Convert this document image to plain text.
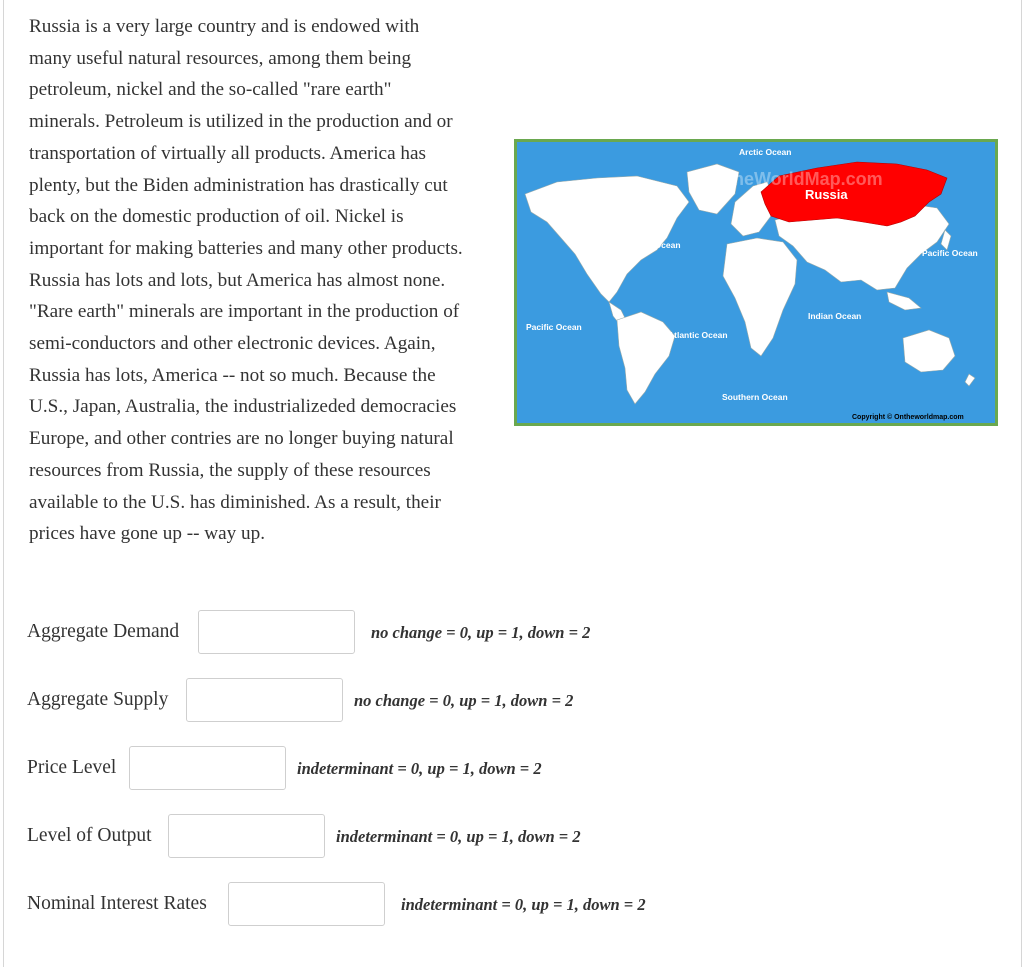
Russia is a very large country and is endowed with
many useful natural resources, among them being
petroleum, nickel and the so-called "rare earth"
minerals. Petroleum is utilized in the production and or
transportation of virtually all products. America has
plenty, but the Biden administration has drastically cut
back on the domestic production of oil. Nickel is
important for making batteries and many other products.
Russia has lots and lots, but America has almost none.
"Rare earth" minerals are important in the production of
semi-conductors and other electronic devices. Again,
Russia has lots, America -- not so much. Because the
U.S., Japan, Australia, the industrializeded democracies
Europe, and other contries are no longer buying natural
resources from Russia, the supply of these resources
available to the U.S. has diminished. As a result, their
prices have gone up -- way up.
Arctic Ocean
Russia
Atlantic Ocean
Pacific Ocean
Indian Ocean
Pacific Ocean
Atlantic Ocean
Southern Ocean
OnTheWorldMap.com
Copyright © Ontheworldmap.com
Aggregate Demand	no change = 0, up = 1, down = 2
Aggregate Supply	no change = 0, up = 1, down = 2
Price Level	indeterminant = 0, up = 1, down = 2
Level of Output	indeterminant = 0, up = 1, down = 2
Nominal Interest Rates	indeterminant = 0, up = 1, down = 2
